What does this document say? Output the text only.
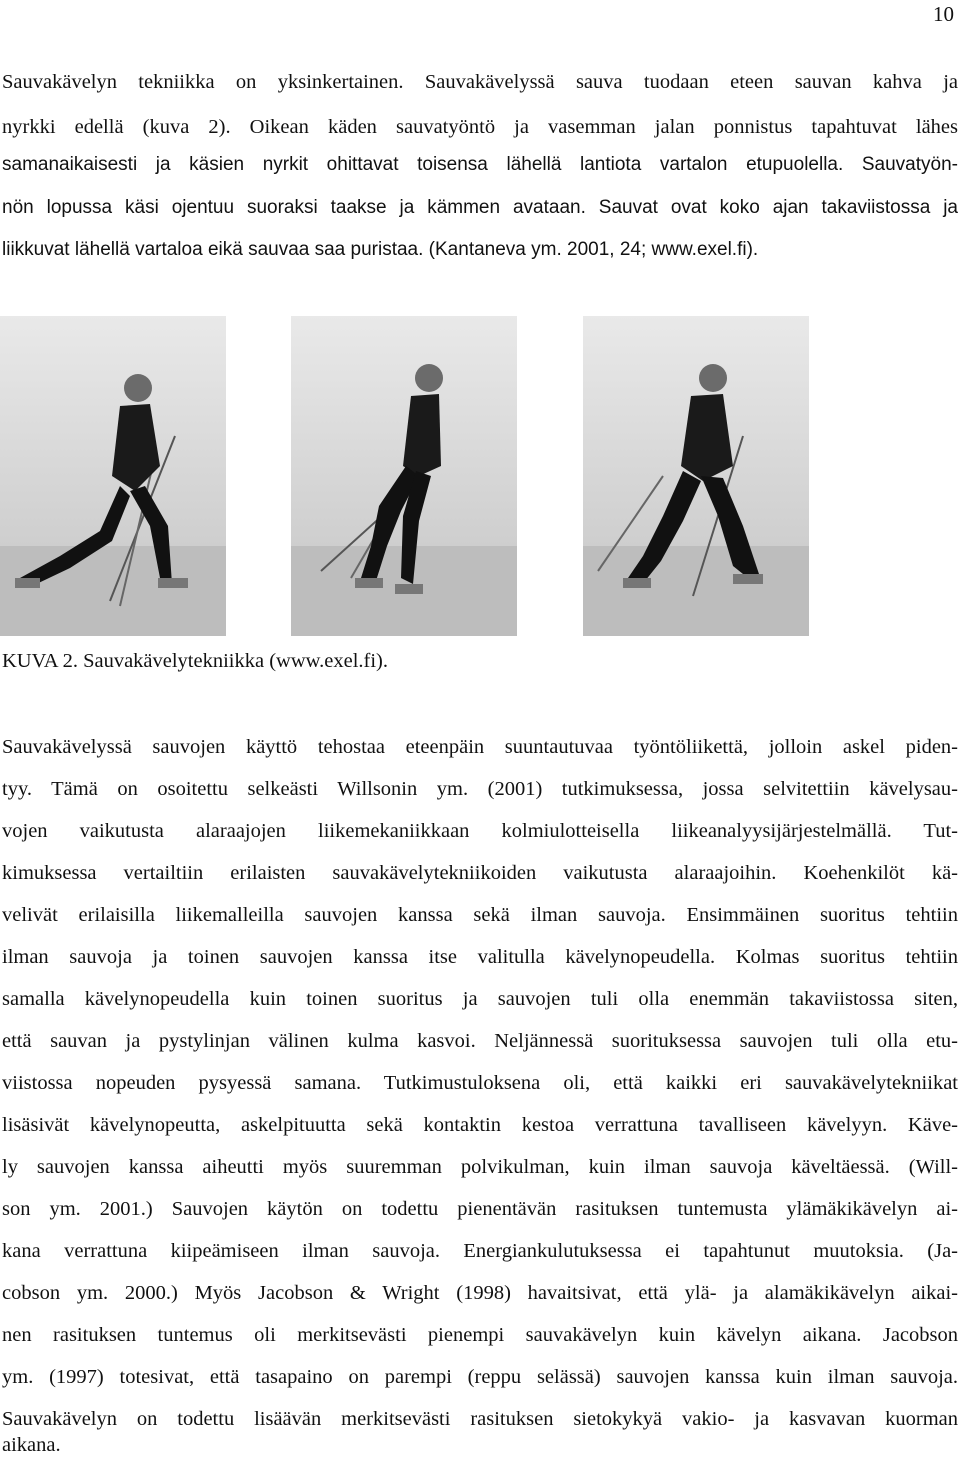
10
Sauvakävelyn tekniikka on yksinkertainen. Sauvakävelyssä sauva tuodaan eteen sauvan kahva ja
nyrkki edellä (kuva 2). Oikean käden sauvatyöntö ja vasemman jalan ponnistus tapahtuvat lähes
samanaikaisesti ja käsien nyrkit ohittavat toisensa lähellä lantiota vartalon etupuolella. Sauvatyön-
nön lopussa käsi ojentuu suoraksi taakse ja kämmen avataan. Sauvat ovat koko ajan takaviistossa ja
liikkuvat lähellä vartaloa eikä sauvaa saa puristaa. (Kantaneva ym. 2001, 24; www.exel.fi).
KUVA 2. Sauvakävelytekniikka (www.exel.fi).
Sauvakävelyssä sauvojen käyttö tehostaa eteenpäin suuntautuvaa työntöliikettä, jolloin askel piden-
tyy. Tämä on osoitettu selkeästi Willsonin ym. (2001) tutkimuksessa, jossa selvitettiin kävelysau-
vojen vaikutusta alaraajojen liikemekaniikkaan kolmiulotteisella liikeanalyysijärjestelmällä. Tut-
kimuksessa vertailtiin erilaisten sauvakävelytekniikoiden vaikutusta alaraajoihin. Koehenkilöt kä-
velivät erilaisilla liikemalleilla sauvojen kanssa sekä ilman sauvoja. Ensimmäinen suoritus tehtiin
ilman sauvoja ja toinen sauvojen kanssa itse valitulla kävelynopeudella. Kolmas suoritus tehtiin
samalla kävelynopeudella kuin toinen suoritus ja sauvojen tuli olla enemmän takaviistossa siten,
että sauvan ja pystylinjan välinen kulma kasvoi. Neljännessä suorituksessa sauvojen tuli olla etu-
viistossa nopeuden pysyessä samana. Tutkimustuloksena oli, että kaikki eri sauvakävelytekniikat
lisäsivät kävelynopeutta, askelpituutta sekä kontaktin kestoa verrattuna tavalliseen kävelyyn. Käve-
ly sauvojen kanssa aiheutti myös suuremman polvikulman, kuin ilman sauvoja käveltäessä. (Will-
son ym. 2001.) Sauvojen käytön on todettu pienentävän rasituksen tuntemusta ylämäkikävelyn ai-
kana verrattuna kiipeämiseen ilman sauvoja. Energiankulutuksessa ei tapahtunut muutoksia. (Ja-
cobson ym. 2000.) Myös Jacobson & Wright (1998) havaitsivat, että ylä- ja alamäkikävelyn aikai-
nen rasituksen tuntemus oli merkitsevästi pienempi sauvakävelyn kuin kävelyn aikana. Jacobson
ym. (1997) totesivat, että tasapaino on parempi (reppu selässä) sauvojen kanssa kuin ilman sauvoja.
Sauvakävelyn on todettu lisäävän merkitsevästi rasituksen sietokykyä vakio- ja kasvavan kuorman
aikana.
